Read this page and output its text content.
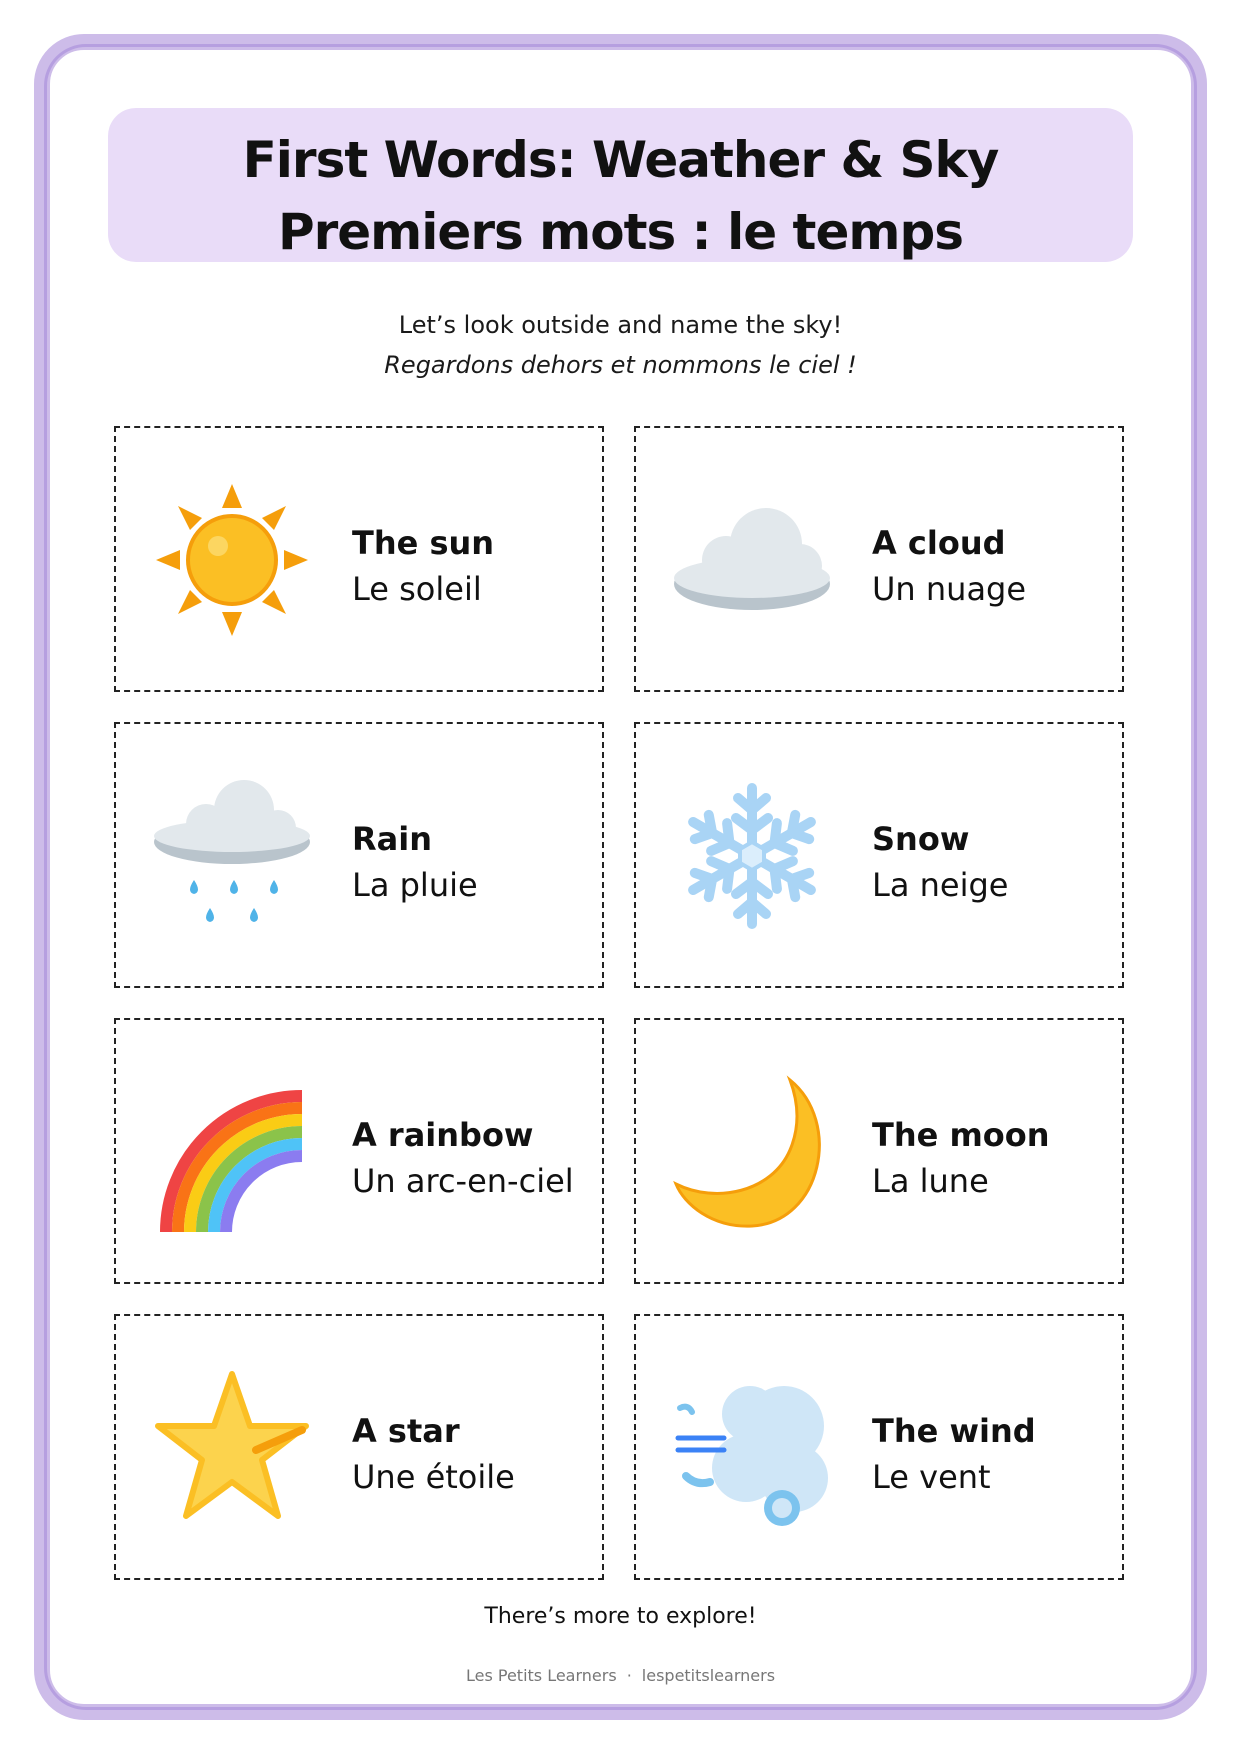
First Words: Weather & Sky
Premiers mots : le temps
Let’s look outside and name the sky!
Regardons dehors et nommons le ciel !
The sun
Le soleil
A cloud
Un nuage
Rain
La pluie
Snow
La neige
A rainbow
Un arc-en-ciel
The moon
La lune
A star
Une étoile
The wind
Le vent
There’s more to explore!
Les Petits Learners · lespetitslearners
